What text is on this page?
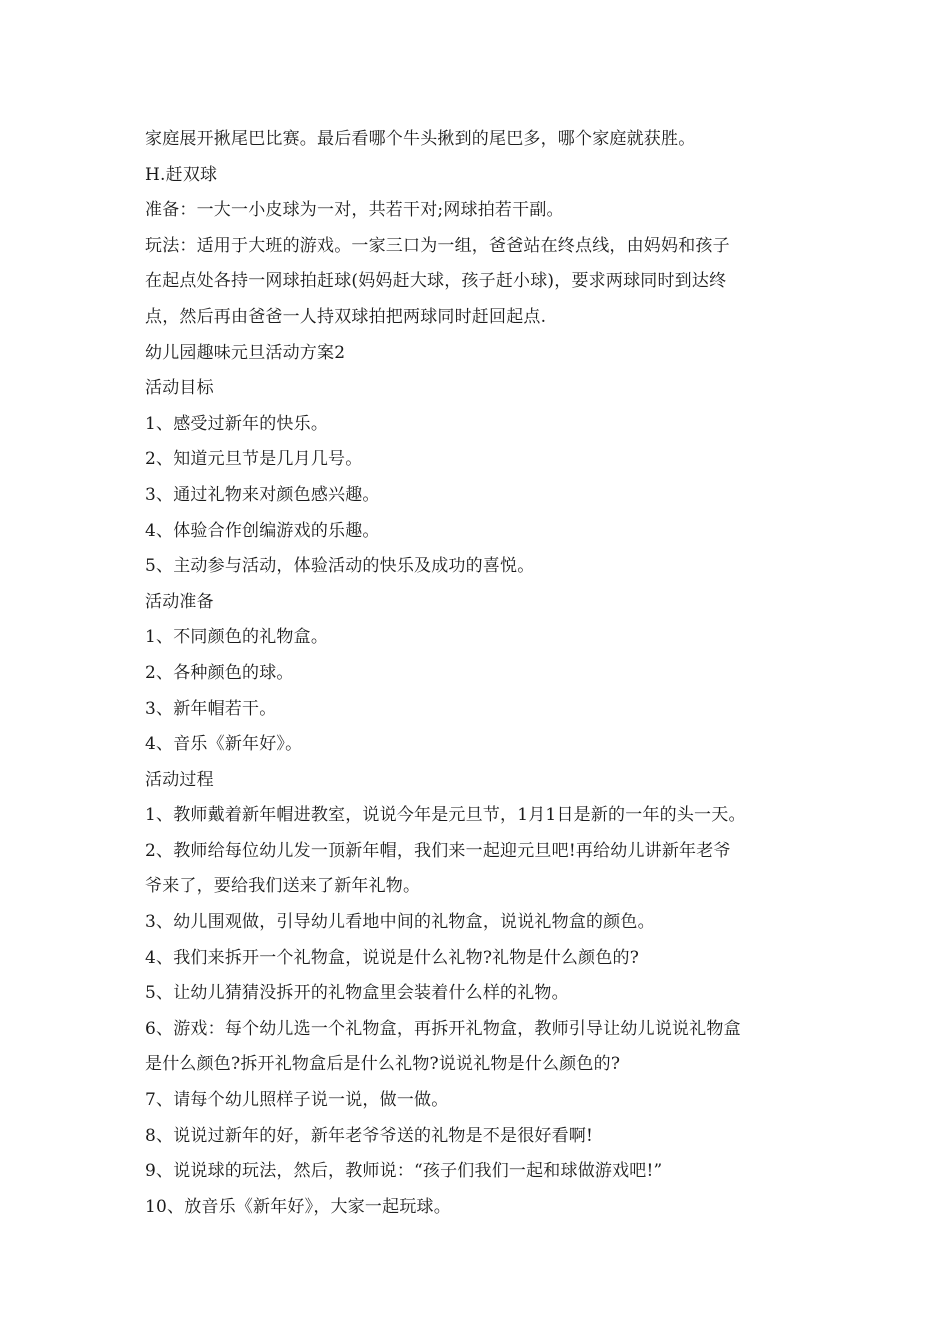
家庭展开揪尾巴比赛。最后看哪个牛头揪到的尾巴多，哪个家庭就获胜。
H.赶双球
准备：一大一小皮球为一对，共若干对;网球拍若干副。
玩法：适用于大班的游戏。一家三口为一组，爸爸站在终点线，由妈妈和孩子
在起点处各持一网球拍赶球(妈妈赶大球，孩子赶小球)，要求两球同时到达终
点，然后再由爸爸一人持双球拍把两球同时赶回起点.
幼儿园趣味元旦活动方案2
活动目标
1、感受过新年的快乐。
2、知道元旦节是几月几号。
3、通过礼物来对颜色感兴趣。
4、体验合作创编游戏的乐趣。
5、主动参与活动，体验活动的快乐及成功的喜悦。
活动准备
1、不同颜色的礼物盒。
2、各种颜色的球。
3、新年帽若干。
4、音乐《新年好》。
活动过程
1、教师戴着新年帽进教室，说说今年是元旦节，1月1日是新的一年的头一天。
2、教师给每位幼儿发一顶新年帽，我们来一起迎元旦吧!再给幼儿讲新年老爷
爷来了，要给我们送来了新年礼物。
3、幼儿围观做，引导幼儿看地中间的礼物盒，说说礼物盒的颜色。
4、我们来拆开一个礼物盒，说说是什么礼物?礼物是什么颜色的?
5、让幼儿猜猜没拆开的礼物盒里会装着什么样的礼物。
6、游戏：每个幼儿选一个礼物盒，再拆开礼物盒，教师引导让幼儿说说礼物盒
是什么颜色?拆开礼物盒后是什么礼物?说说礼物是什么颜色的?
7、请每个幼儿照样子说一说，做一做。
8、说说过新年的好，新年老爷爷送的礼物是不是很好看啊!
9、说说球的玩法，然后，教师说：“孩子们我们一起和球做游戏吧!”
10、放音乐《新年好》，大家一起玩球。
